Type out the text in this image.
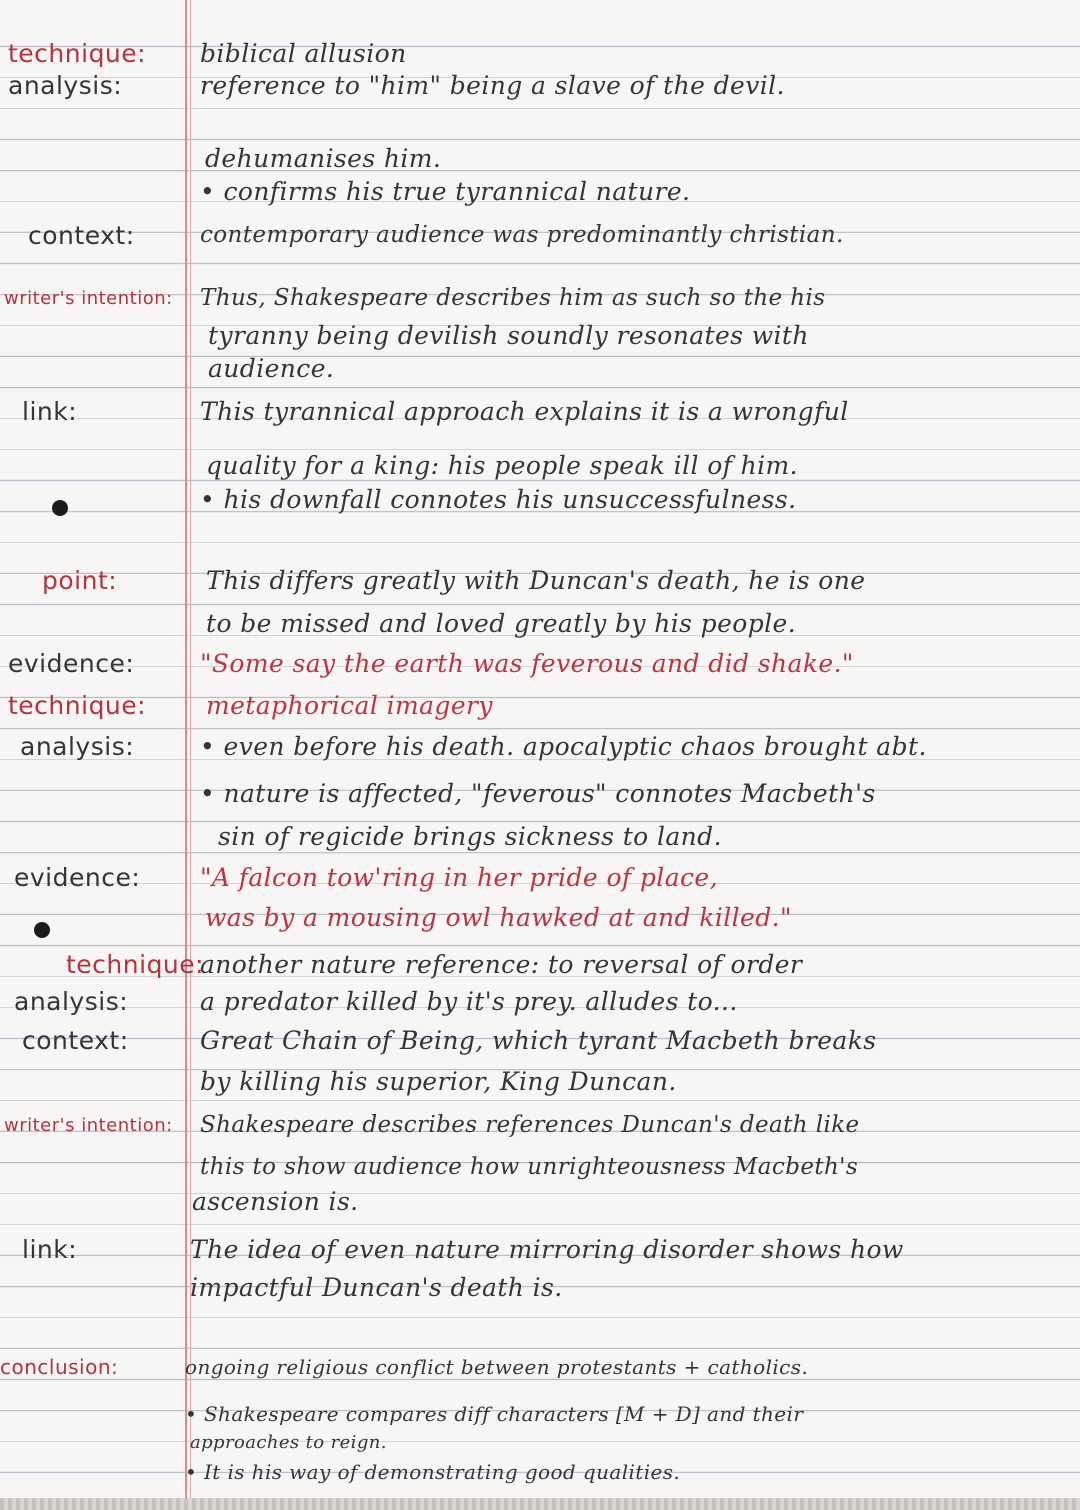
technique: biblical allusion
analysis:	reference to "him" being a slave of the devil.
dehumanises him.
• confirms his true tyrannical nature.
context:	contemporary audience was predominantly christian.
writer's intention: Thus, Shakespeare describes him as such so the his
tyranny being devilish soundly resonates with
audience.
link:	This tyrannical approach explains it is a wrongful
quality for a king: his people speak ill of him.
• his downfall connotes his unsuccessfulness.
point:	This differs greatly with Duncan's death, he is one
to be missed and loved greatly by his people.
evidence:	"Some say the earth was feverous and did shake."
technique: metaphorical imagery
analysis:	• even before his death. apocalyptic chaos brought abt.
• nature is affected, "feverous" connotes Macbeth's
sin of regicide brings sickness to land.
evidence: "A falcon tow'ring in her pride of place,
was by a mousing owl hawked at and killed."
technique:
another nature reference: to reversal of order
analysis:	a predator killed by it's prey. alludes to...
context:	Great Chain of Being, which tyrant Macbeth breaks
by killing his superior, King Duncan.
writer's intention: Shakespeare describes references Duncan's death like
this to show audience how unrighteousness Macbeth's
ascension is.
link:	The idea of even nature mirroring disorder shows how
impactful Duncan's death is.
conclusion:	ongoing religious conflict between protestants + catholics.
• Shakespeare compares diff characters [M + D] and their
approaches to reign.
• It is his way of demonstrating good qualities.
